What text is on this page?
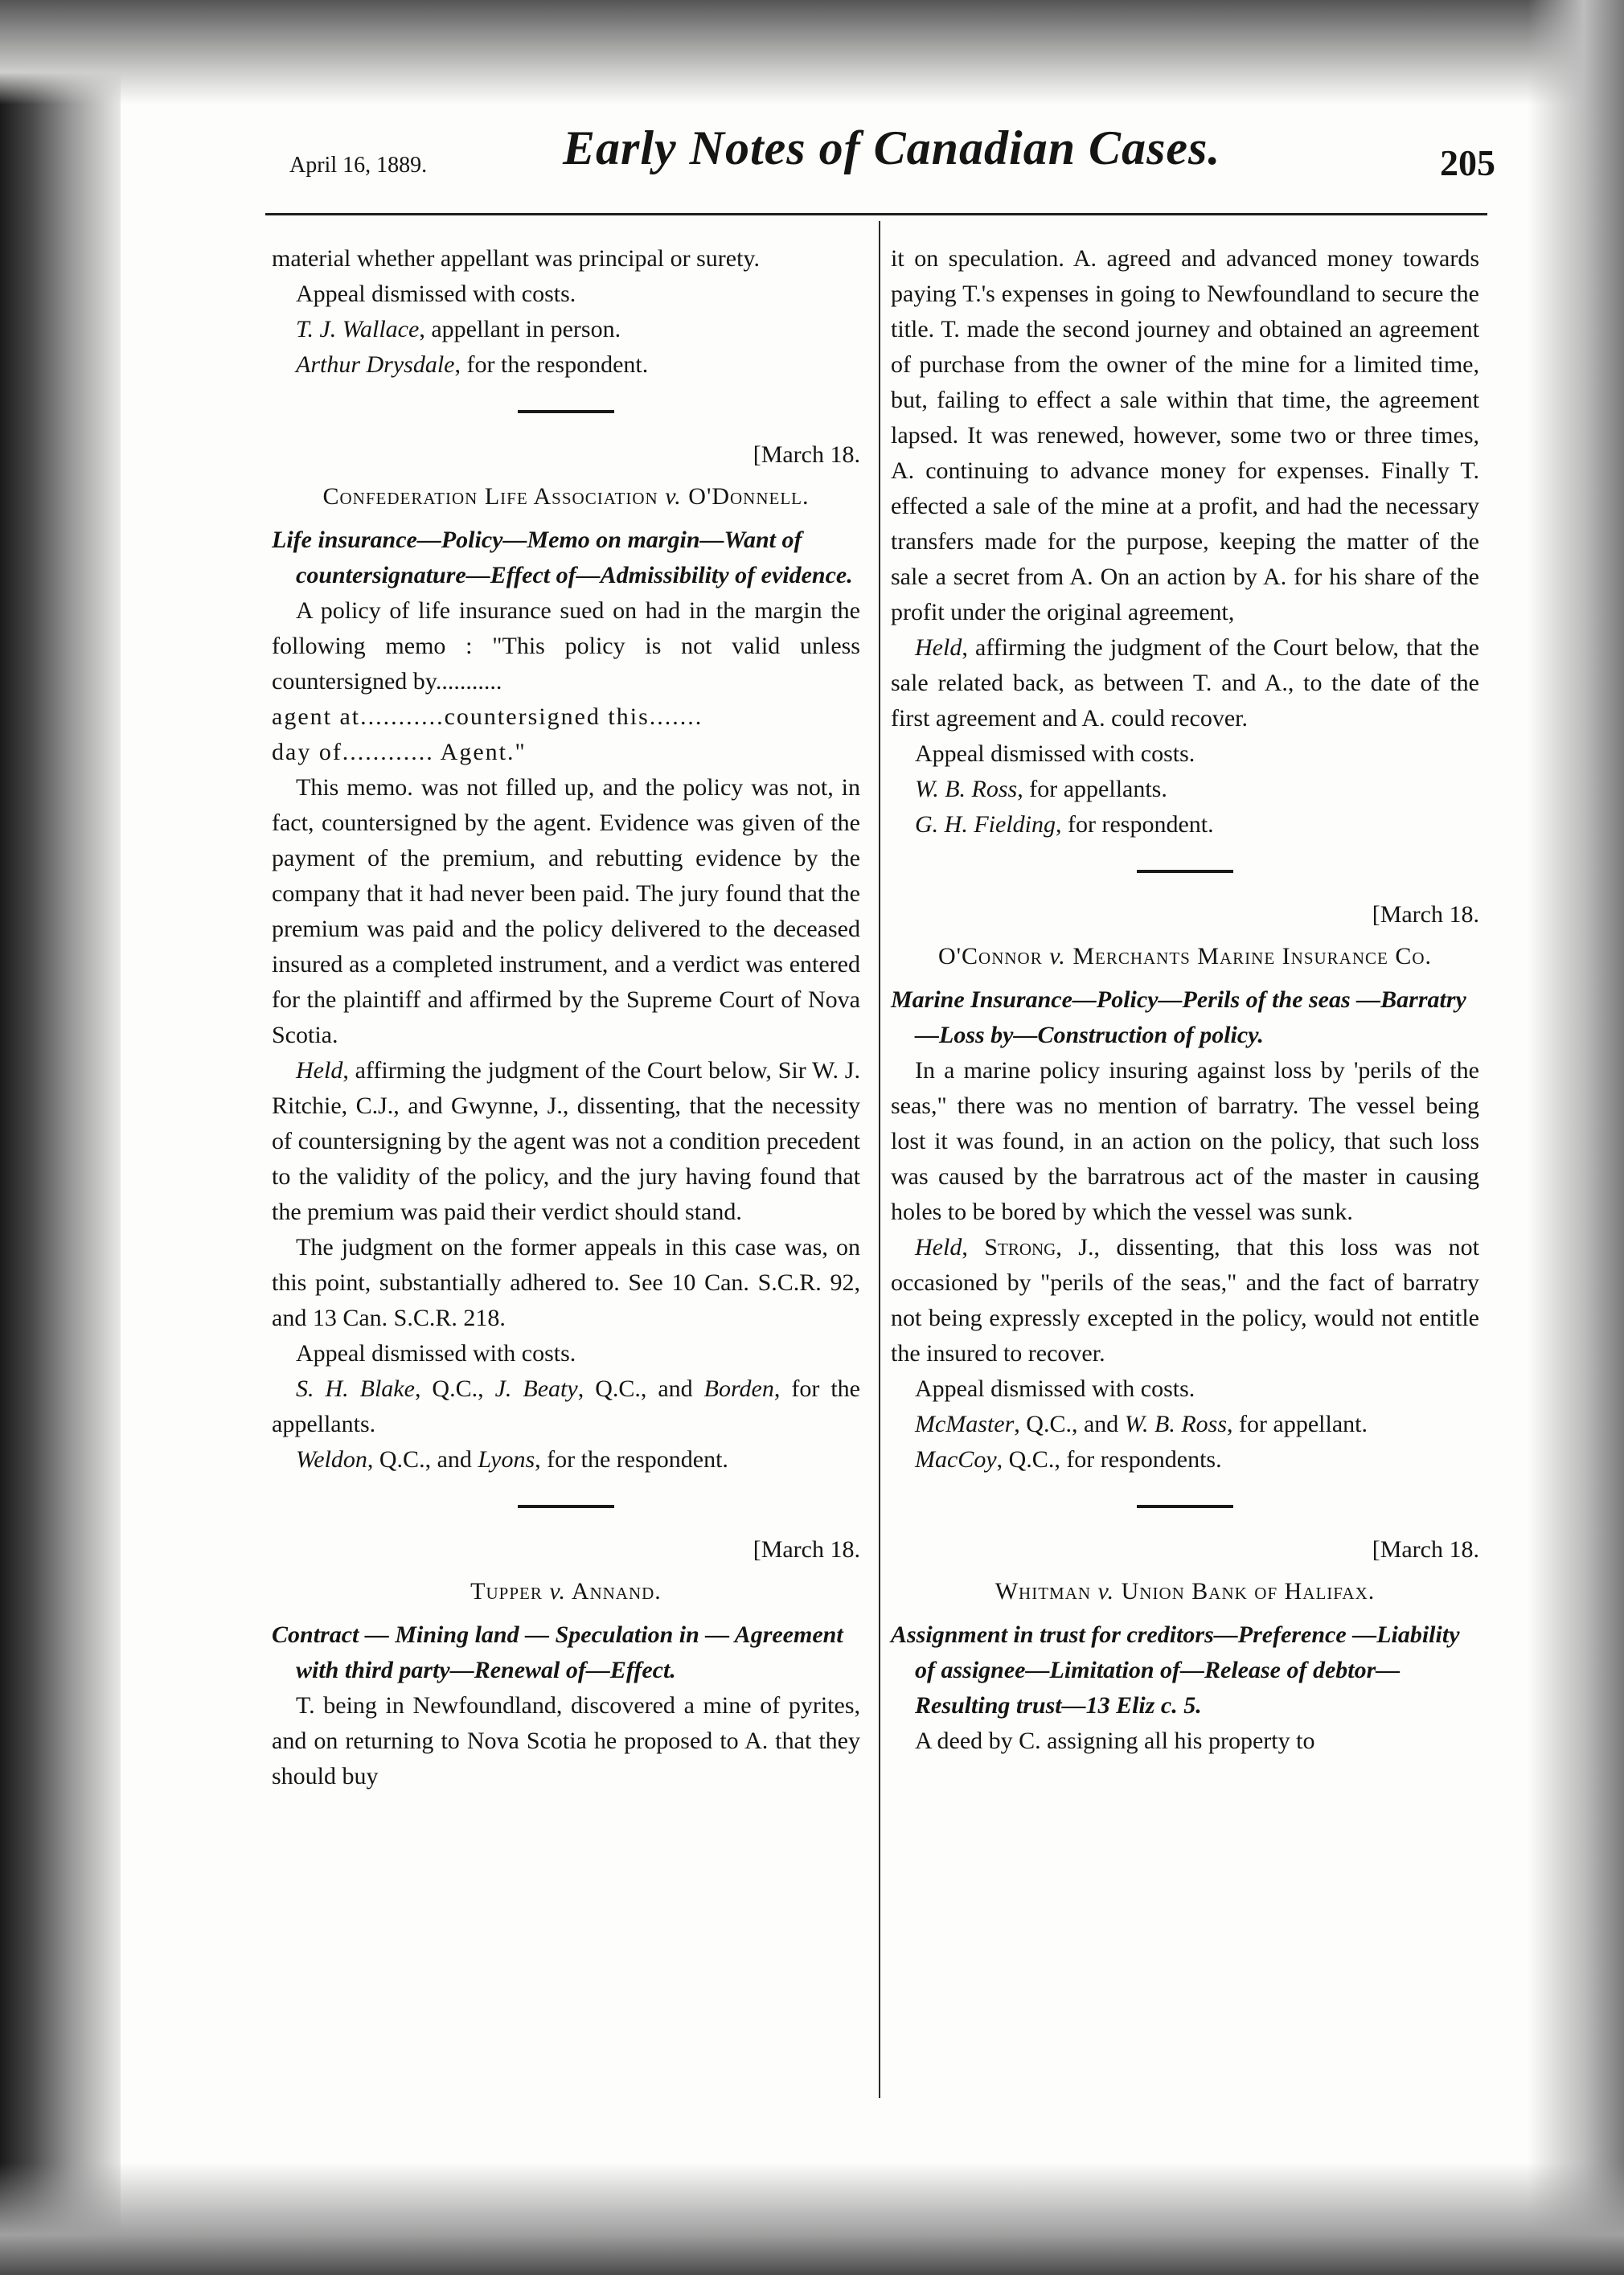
April 16, 1889.	Early Notes of Canadian Cases.	205

material whether appellant was principal or surety.

Appeal dismissed with costs.

T. J. Wallace, appellant in person.

Arthur Drysdale, for the respondent.

[March 18.
Confederation Life Association v. O'Donnell.

Life insurance—Policy—Memo on margin—Want of countersignature—Effect of—Admissibility of evidence.

A policy of life insurance sued on had in the margin the following memo : "This policy is not valid unless countersigned by...........

agent at...........countersigned this.......

day of............ Agent."

This memo. was not filled up, and the policy was not, in fact, countersigned by the agent. Evidence was given of the payment of the premium, and rebutting evidence by the company that it had never been paid. The jury found that the premium was paid and the policy delivered to the deceased insured as a completed instrument, and a verdict was entered for the plaintiff and affirmed by the Supreme Court of Nova Scotia.

Held, affirming the judgment of the Court below, Sir W. J. Ritchie, C.J., and Gwynne, J., dissenting, that the necessity of countersigning by the agent was not a condition precedent to the validity of the policy, and the jury having found that the premium was paid their verdict should stand.

The judgment on the former appeals in this case was, on this point, substantially adhered to. See 10 Can. S.C.R. 92, and 13 Can. S.C.R. 218.

Appeal dismissed with costs.

S. H. Blake, Q.C., J. Beaty, Q.C., and Borden, for the appellants.

Weldon, Q.C., and Lyons, for the respondent.

[March 18.
Tupper v. Annand.

Contract — Mining land — Speculation in — Agreement with third party—Renewal of—Effect.

T. being in Newfoundland, discovered a mine of pyrites, and on returning to Nova Scotia he proposed to A. that they should buy

it on speculation. A. agreed and advanced money towards paying T.'s expenses in going to Newfoundland to secure the title. T. made the second journey and obtained an agreement of purchase from the owner of the mine for a limited time, but, failing to effect a sale within that time, the agreement lapsed. It was renewed, however, some two or three times, A. continuing to advance money for expenses. Finally T. effected a sale of the mine at a profit, and had the necessary transfers made for the purpose, keeping the matter of the sale a secret from A. On an action by A. for his share of the profit under the original agreement,

Held, affirming the judgment of the Court below, that the sale related back, as between T. and A., to the date of the first agreement and A. could recover.

Appeal dismissed with costs.

W. B. Ross, for appellants.

G. H. Fielding, for respondent.

[March 18.
O'Connor v. Merchants Marine Insurance Co.

Marine Insurance—Policy—Perils of the seas —Barratry—Loss by—Construction of policy.

In a marine policy insuring against loss by 'perils of the seas," there was no mention of barratry. The vessel being lost it was found, in an action on the policy, that such loss was caused by the barratrous act of the master in causing holes to be bored by which the vessel was sunk.

Held, Strong, J., dissenting, that this loss was not occasioned by "perils of the seas," and the fact of barratry not being expressly excepted in the policy, would not entitle the insured to recover.

Appeal dismissed with costs.

McMaster, Q.C., and W. B. Ross, for appellant.

MacCoy, Q.C., for respondents.

[March 18.
Whitman v. Union Bank of Halifax.

Assignment in trust for creditors—Preference —Liability of assignee—Limitation of—Release of debtor—Resulting trust—13 Eliz c. 5.

A deed by C. assigning all his property to
